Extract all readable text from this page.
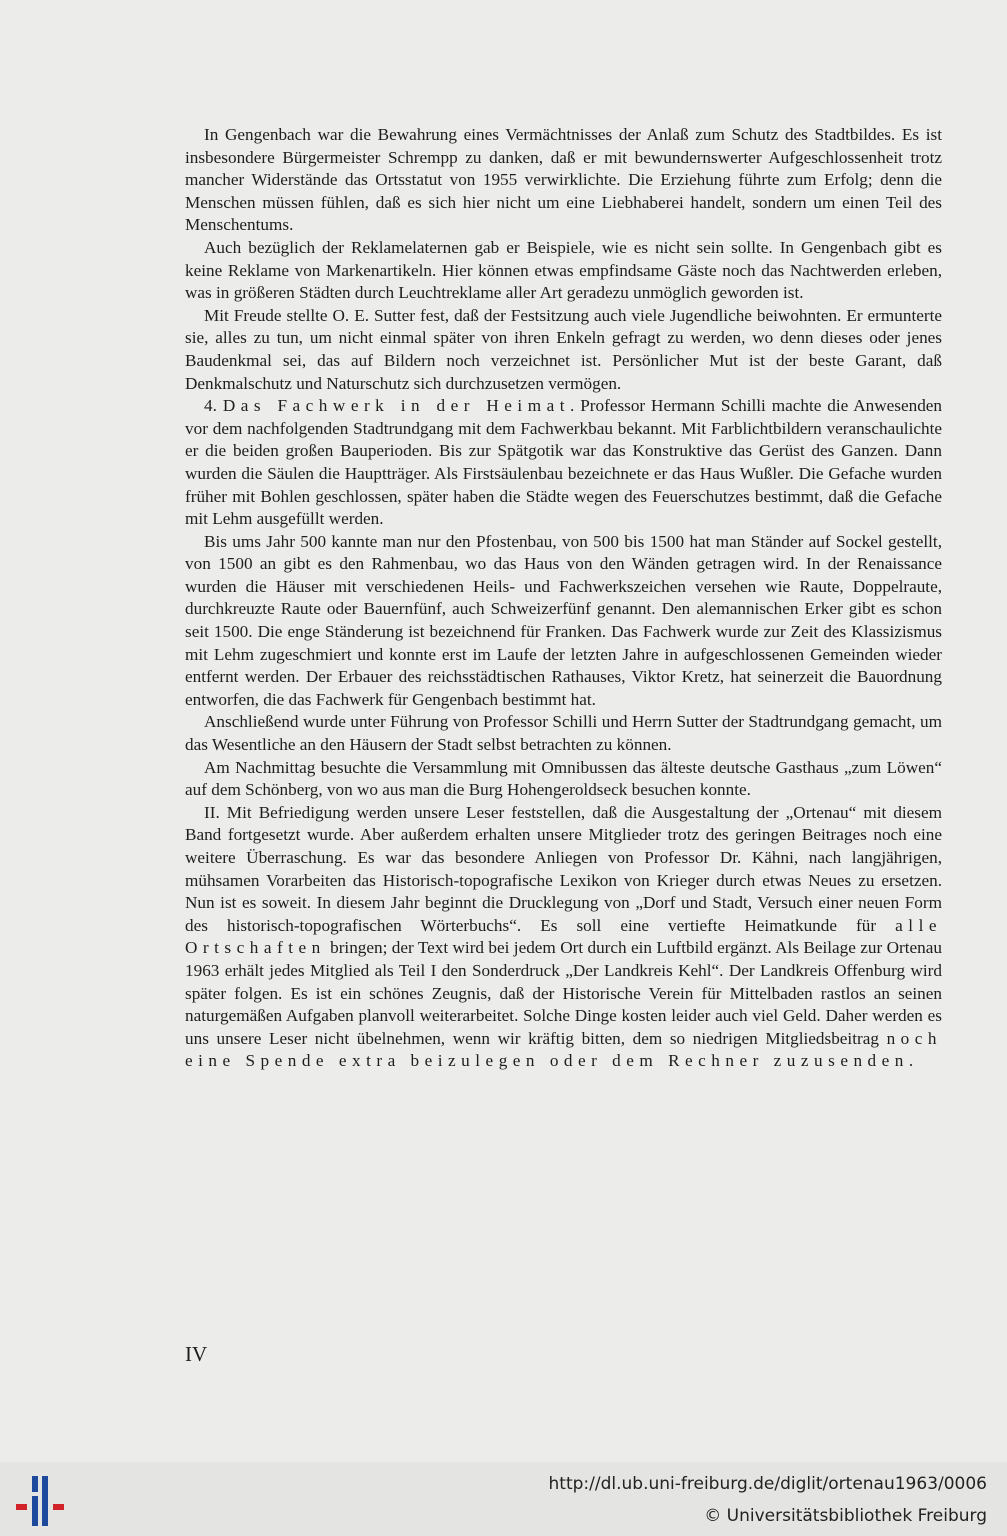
In Gengenbach war die Bewahrung eines Vermächtnisses der Anlaß zum Schutz des Stadtbildes. Es ist insbesondere Bürgermeister Schrempp zu danken, daß er mit bewundernswerter Aufgeschlossenheit trotz mancher Widerstände das Ortsstatut von 1955 verwirklichte. Die Erziehung führte zum Erfolg; denn die Menschen müssen fühlen, daß es sich hier nicht um eine Liebhaberei handelt, sondern um einen Teil des Menschentums.

Auch bezüglich der Reklamelaternen gab er Beispiele, wie es nicht sein sollte. In Gengenbach gibt es keine Reklame von Markenartikeln. Hier können etwas empfindsame Gäste noch das Nachtwerden erleben, was in größeren Städten durch Leuchtreklame aller Art geradezu unmöglich geworden ist.

Mit Freude stellte O. E. Sutter fest, daß der Festsitzung auch viele Jugendliche beiwohnten. Er ermunterte sie, alles zu tun, um nicht einmal später von ihren Enkeln gefragt zu werden, wo denn dieses oder jenes Baudenkmal sei, das auf Bildern noch verzeichnet ist. Persönlicher Mut ist der beste Garant, daß Denkmalschutz und Naturschutz sich durchzusetzen vermögen.

4. Das Fachwerk in der Heimat. Professor Hermann Schilli machte die Anwesenden vor dem nachfolgenden Stadtrundgang mit dem Fachwerkbau bekannt. Mit Farblichtbildern veranschaulichte er die beiden großen Bauperioden. Bis zur Spätgotik war das Konstruktive das Gerüst des Ganzen. Dann wurden die Säulen die Hauptträger. Als Firstsäulenbau bezeichnete er das Haus Wußler. Die Gefache wurden früher mit Bohlen geschlossen, später haben die Städte wegen des Feuerschutzes bestimmt, daß die Gefache mit Lehm ausgefüllt werden.

Bis ums Jahr 500 kannte man nur den Pfostenbau, von 500 bis 1500 hat man Ständer auf Sockel gestellt, von 1500 an gibt es den Rahmenbau, wo das Haus von den Wänden getragen wird. In der Renaissance wurden die Häuser mit verschiedenen Heils- und Fachwerkszeichen versehen wie Raute, Doppelraute, durchkreuzte Raute oder Bauernfünf, auch Schweizerfünf genannt. Den alemannischen Erker gibt es schon seit 1500. Die enge Ständerung ist bezeichnend für Franken. Das Fachwerk wurde zur Zeit des Klassizismus mit Lehm zugeschmiert und konnte erst im Laufe der letzten Jahre in aufgeschlossenen Gemeinden wieder entfernt werden. Der Erbauer des reichsstädtischen Rathauses, Viktor Kretz, hat seinerzeit die Bauordnung entworfen, die das Fachwerk für Gengenbach bestimmt hat.

Anschließend wurde unter Führung von Professor Schilli und Herrn Sutter der Stadtrundgang gemacht, um das Wesentliche an den Häusern der Stadt selbst betrachten zu können.

Am Nachmittag besuchte die Versammlung mit Omnibussen das älteste deutsche Gasthaus „zum Löwen“ auf dem Schönberg, von wo aus man die Burg Hohengeroldseck besuchen konnte.

II. Mit Befriedigung werden unsere Leser feststellen, daß die Ausgestaltung der „Ortenau“ mit diesem Band fortgesetzt wurde. Aber außerdem erhalten unsere Mitglieder trotz des geringen Beitrages noch eine weitere Überraschung. Es war das besondere Anliegen von Professor Dr. Kähni, nach langjährigen, mühsamen Vorarbeiten das Historisch-topografische Lexikon von Krieger durch etwas Neues zu ersetzen. Nun ist es soweit. In diesem Jahr beginnt die Drucklegung von „Dorf und Stadt, Versuch einer neuen Form des historisch-topografischen Wörterbuchs“. Es soll eine vertiefte Heimatkunde für alle Ortschaften bringen; der Text wird bei jedem Ort durch ein Luftbild ergänzt. Als Beilage zur Ortenau 1963 erhält jedes Mitglied als Teil I den Sonderdruck „Der Landkreis Kehl“. Der Landkreis Offenburg wird später folgen. Es ist ein schönes Zeugnis, daß der Historische Verein für Mittelbaden rastlos an seinen naturgemäßen Aufgaben planvoll weiterarbeitet. Solche Dinge kosten leider auch viel Geld. Daher werden es uns unsere Leser nicht übelnehmen, wenn wir kräftig bitten, dem so niedrigen Mitgliedsbeitrag noch eine Spende extra beizulegen oder dem Rechner zuzusenden.

IV

http://dl.ub.uni-freiburg.de/diglit/ortenau1963/0006
© Universitätsbibliothek Freiburg
